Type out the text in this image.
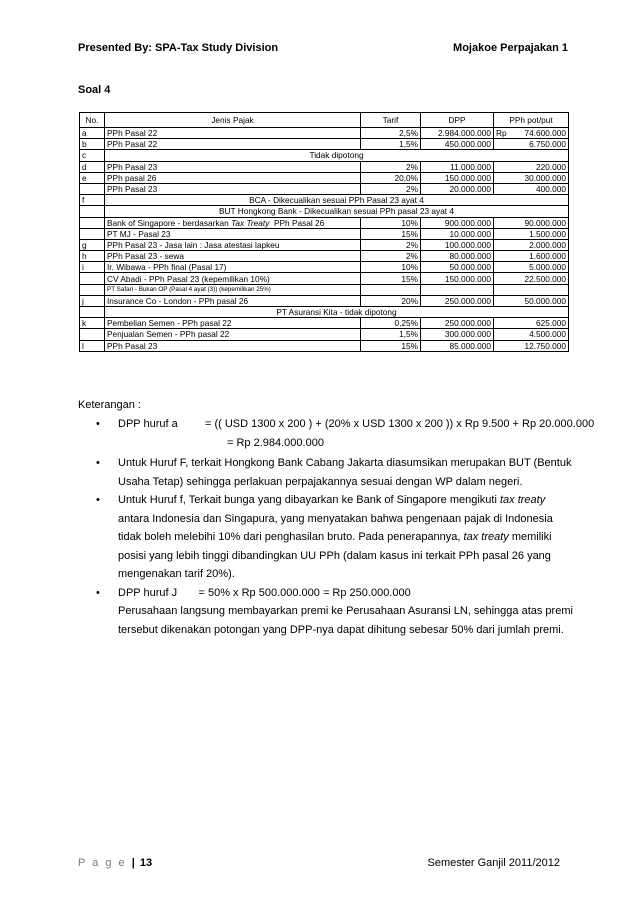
Presented By: SPA-Tax Study Division	Mojakoe Perpajakan 1
Soal 4
No.	Jenis Pajak	Tarif	DPP	PPh pot/put
a	PPh Pasal 22	2,5%	2.984.000.000	Rp 74.600.000

b	PPh Pasal 22	1,5%	450.000.000	6.750.000
c	Tidak dipotong			
d	PPh Pasal 23	2%	11.000.000	220.000
e	PPh pasal 26	20,0%	150.000.000	30.000.000
	PPh Pasal 23	2%	20.000.000	400.000
f	BCA - Dikecualikan sesuai PPh Pasal 23 ayat 4			
	BUT Hongkong Bank - Dikecualikan sesuai PPh pasal 23 ayat 4			
	Bank of Singapore - berdasarkan Tax Treaty  PPh Pasal 26	10%	900.000.000	90.000.000
	PT MJ - Pasal 23	15%	10.000.000	1.500.000
g	PPh Pasal 23 - Jasa lain : Jasa atestasi lapkeu	2%	100.000.000	2.000.000
h	PPh Pasal 23 - sewa	2%	80.000.000	1.600.000
i	Ir. Wibawa - PPh final (Pasal 17)	10%	50.000.000	5.000.000
	CV Abadi - PPh Pasal 23 (kepemilikan 10%)	15%	150.000.000	22.500.000
	PT Safari - Bukan OP (Pasal 4 ayat (3)) (kepemilikan 25%)			
j	Insurance Co - London - PPh pasal 26	20%	250.000.000	50.000.000
	PT Asuransi Kita - tidak dipotong			
k	Pembelian Semen - PPh pasal 22	0,25%	250.000.000	625.000
	Penjualan Semen - PPh pasal 22	1,5%	300.000.000	4.500.000
l	PPh Pasal 23	15%	85.000.000	12.750.000
Keterangan :
• DPP huruf a = (( USD 1300 x 200 ) + (20% x USD 1300 x 200 )) x Rp 9.500 + Rp 20.000.000
= Rp 2.984.000.000
• Untuk Huruf F, terkait Hongkong Bank Cabang Jakarta diasumsikan merupakan BUT (Bentuk Usaha Tetap) sehingga perlakuan perpajakannya sesuai dengan WP dalam negeri.
• Untuk Huruf f, Terkait bunga yang dibayarkan ke Bank of Singapore mengikuti tax treaty antara Indonesia dan Singapura, yang menyatakan bahwa pengenaan pajak di Indonesia tidak boleh melebihi 10% dari penghasilan bruto. Pada penerapannya, tax treaty memiliki posisi yang lebih tinggi dibandingkan UU PPh (dalam kasus ini terkait PPh pasal 26 yang mengenakan tarif 20%).
• DPP huruf J       = 50% x Rp 500.000.000 = Rp 250.000.000
Perusahaan langsung membayarkan premi ke Perusahaan Asuransi LN, sehingga atas premi tersebut dikenakan potongan yang DPP-nya dapat dihitung sebesar 50% dari jumlah premi.
P a g e | 13	Semester Ganjil 2011/2012
